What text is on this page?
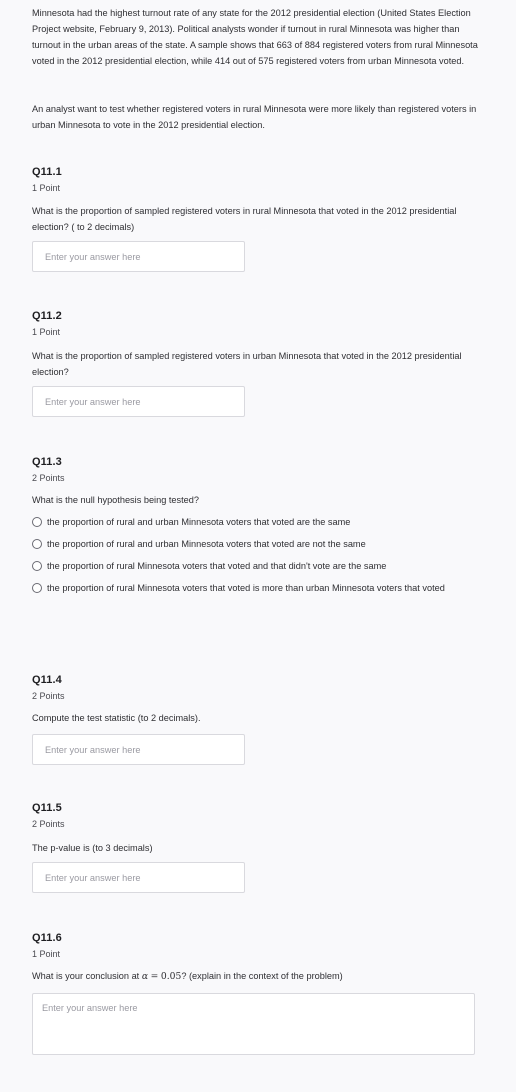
Minnesota had the highest turnout rate of any state for the 2012 presidential election (United States Election Project website, February 9, 2013). Political analysts wonder if turnout in rural Minnesota was higher than turnout in the urban areas of the state. A sample shows that 663 of 884 registered voters from rural Minnesota voted in the 2012 presidential election, while 414 out of 575 registered voters from urban Minnesota voted.

An analyst want to test whether registered voters in rural Minnesota were more likely than registered voters in urban Minnesota to vote in the 2012 presidential election.

Q11.1
1 Point

What is the proportion of sampled registered voters in rural Minnesota that voted in the 2012 presidential election? ( to 2 decimals)

Enter your answer here
Q11.2
1 Point

What is the proportion of sampled registered voters in urban Minnesota that voted in the 2012 presidential election?

Enter your answer here
Q11.3
2 Points

What is the null hypothesis being tested?

the proportion of rural and urban Minnesota voters that voted are the same
the proportion of rural and urban Minnesota voters that voted are not the same
the proportion of rural Minnesota voters that voted and that didn't vote are the same
the proportion of rural Minnesota voters that voted is more than urban Minnesota voters that voted
Q11.4
2 Points

Compute the test statistic (to 2 decimals).

Enter your answer here
Q11.5
2 Points

The p-value is (to 3 decimals)

Enter your answer here
Q11.6
1 Point

What is your conclusion at α = 0.05? (explain in the context of the problem)

Enter your answer here
